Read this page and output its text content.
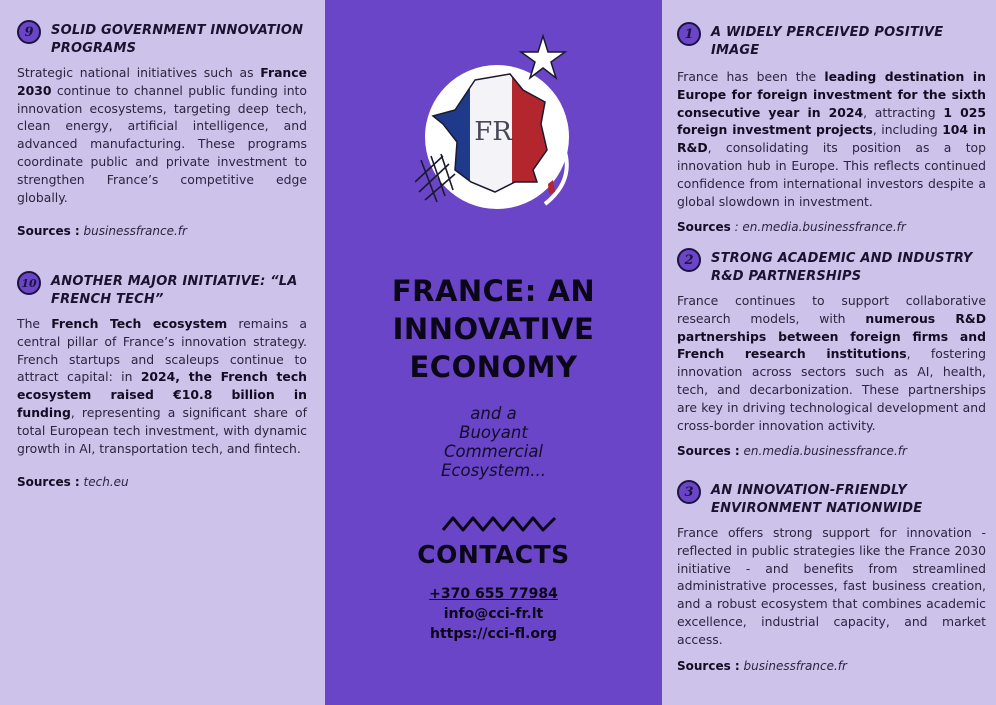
9	SOLID GOVERNMENT INNOVATION PROGRAMS

Strategic national initiatives such as France 2030 continue to channel public funding into innovation ecosystems, targeting deep tech, clean energy, artificial intelligence, and advanced manufacturing. These programs coordinate public and private investment to strengthen France’s competitive edge globally.

Sources : businessfrance.fr
10	ANOTHER MAJOR INITIATIVE: “LA FRENCH TECH”

The French Tech ecosystem remains a central pillar of France’s innovation strategy. French startups and scaleups continue to attract capital: in 2024, the French tech ecosystem raised €10.8 billion in funding, representing a significant share of total European tech investment, with dynamic growth in AI, transportation tech, and fintech.

Sources : tech.eu
FR
FRANCE: AN
INNOVATIVE
ECONOMY
and a
Buoyant
Commercial
Ecosystem...
CONTACTS
+370 655 77984
info@cci-fr.lt
https://cci-fl.org
1	A WIDELY PERCEIVED POSITIVE IMAGE

France has been the leading destination in Europe for foreign investment for the sixth consecutive year in 2024, attracting 1 025 foreign investment projects, including 104 in R&D, consolidating its position as a top innovation hub in Europe. This reflects continued confidence from international investors despite a global slowdown in investment.

Sources : en.media.businessfrance.fr
2	STRONG ACADEMIC AND INDUSTRY R&D PARTNERSHIPS

France continues to support collaborative research models, with numerous R&D partnerships between foreign firms and French research institutions, fostering innovation across sectors such as AI, health, tech, and decarbonization. These partnerships are key in driving technological development and cross-border innovation activity.

Sources : en.media.businessfrance.fr
3	AN INNOVATION-FRIENDLY ENVIRONMENT NATIONWIDE

France offers strong support for innovation - reflected in public strategies like the France 2030 initiative - and benefits from streamlined administrative processes, fast business creation, and a robust ecosystem that combines academic excellence, industrial capacity, and market access.

Sources : businessfrance.fr
